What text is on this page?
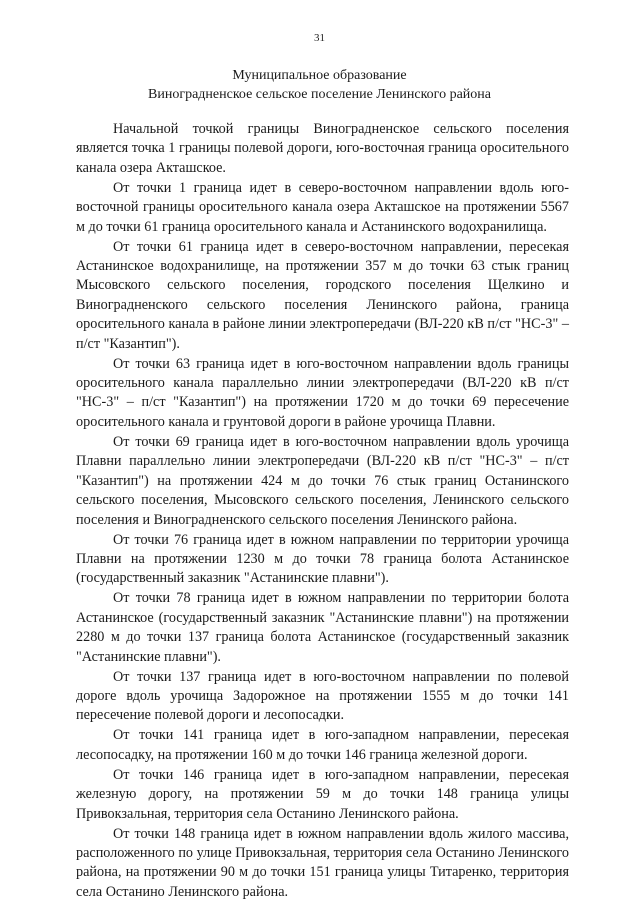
31
Муниципальное образование
Виноградненское сельское поселение Ленинского района

Начальной точкой границы Виноградненское сельского поселения является точка 1 границы полевой дороги, юго-восточная граница оросительного канала озера Акташское.

От точки 1 граница идет в северо-восточном направлении вдоль юго-восточной границы оросительного канала озера Акташское на протяжении 5567 м до точки 61 граница оросительного канала и Астанинского водохранилища.

От точки 61 граница идет в северо-восточном направлении, пересекая Астанинское водохранилище, на протяжении 357 м до точки 63 стык границ Мысовского сельского поселения, городского поселения Щелкино и Виноградненского сельского поселения Ленинского района, граница оросительного канала в районе линии электропередачи (ВЛ-220 кВ п/ст "НС-3" – п/ст "Казантип").

От точки 63 граница идет в юго-восточном направлении вдоль границы оросительного канала параллельно линии электропередачи (ВЛ-220 кВ п/ст "НС-3" – п/ст "Казантип") на протяжении 1720 м до точки 69 пересечение оросительного канала и грунтовой дороги в районе урочища Плавни.

От точки 69 граница идет в юго-восточном направлении вдоль урочища Плавни параллельно линии электропередачи (ВЛ-220 кВ п/ст "НС-3" – п/ст "Казантип") на протяжении 424 м до точки 76 стык границ Останинского сельского поселения, Мысовского сельского поселения, Ленинского сельского поселения и Виноградненского сельского поселения Ленинского района.

От точки 76 граница идет в южном направлении по территории урочища Плавни на протяжении 1230 м до точки 78 граница болота Астанинское (государственный заказник "Астанинские плавни").

От точки 78 граница идет в южном направлении по территории болота Астанинское (государственный заказник "Астанинские плавни") на протяжении 2280 м до точки 137 граница болота Астанинское (государственный заказник "Астанинские плавни").

От точки 137 граница идет в юго-восточном направлении по полевой дороге вдоль урочища Задорожное на протяжении 1555 м до точки 141 пересечение полевой дороги и лесопосадки.

От точки 141 граница идет в юго-западном направлении, пересекая лесопосадку, на протяжении 160 м до точки 146 граница железной дороги.

От точки 146 граница идет в юго-западном направлении, пересекая железную дорогу, на протяжении 59 м до точки 148 граница улицы Привокзальная, территория села Останино Ленинского района.

От точки 148 граница идет в южном направлении вдоль жилого массива, расположенного по улице Привокзальная, территория села Останино Ленинского района, на протяжении 90 м до точки 151 граница улицы Титаренко, территория села Останино Ленинского района.
